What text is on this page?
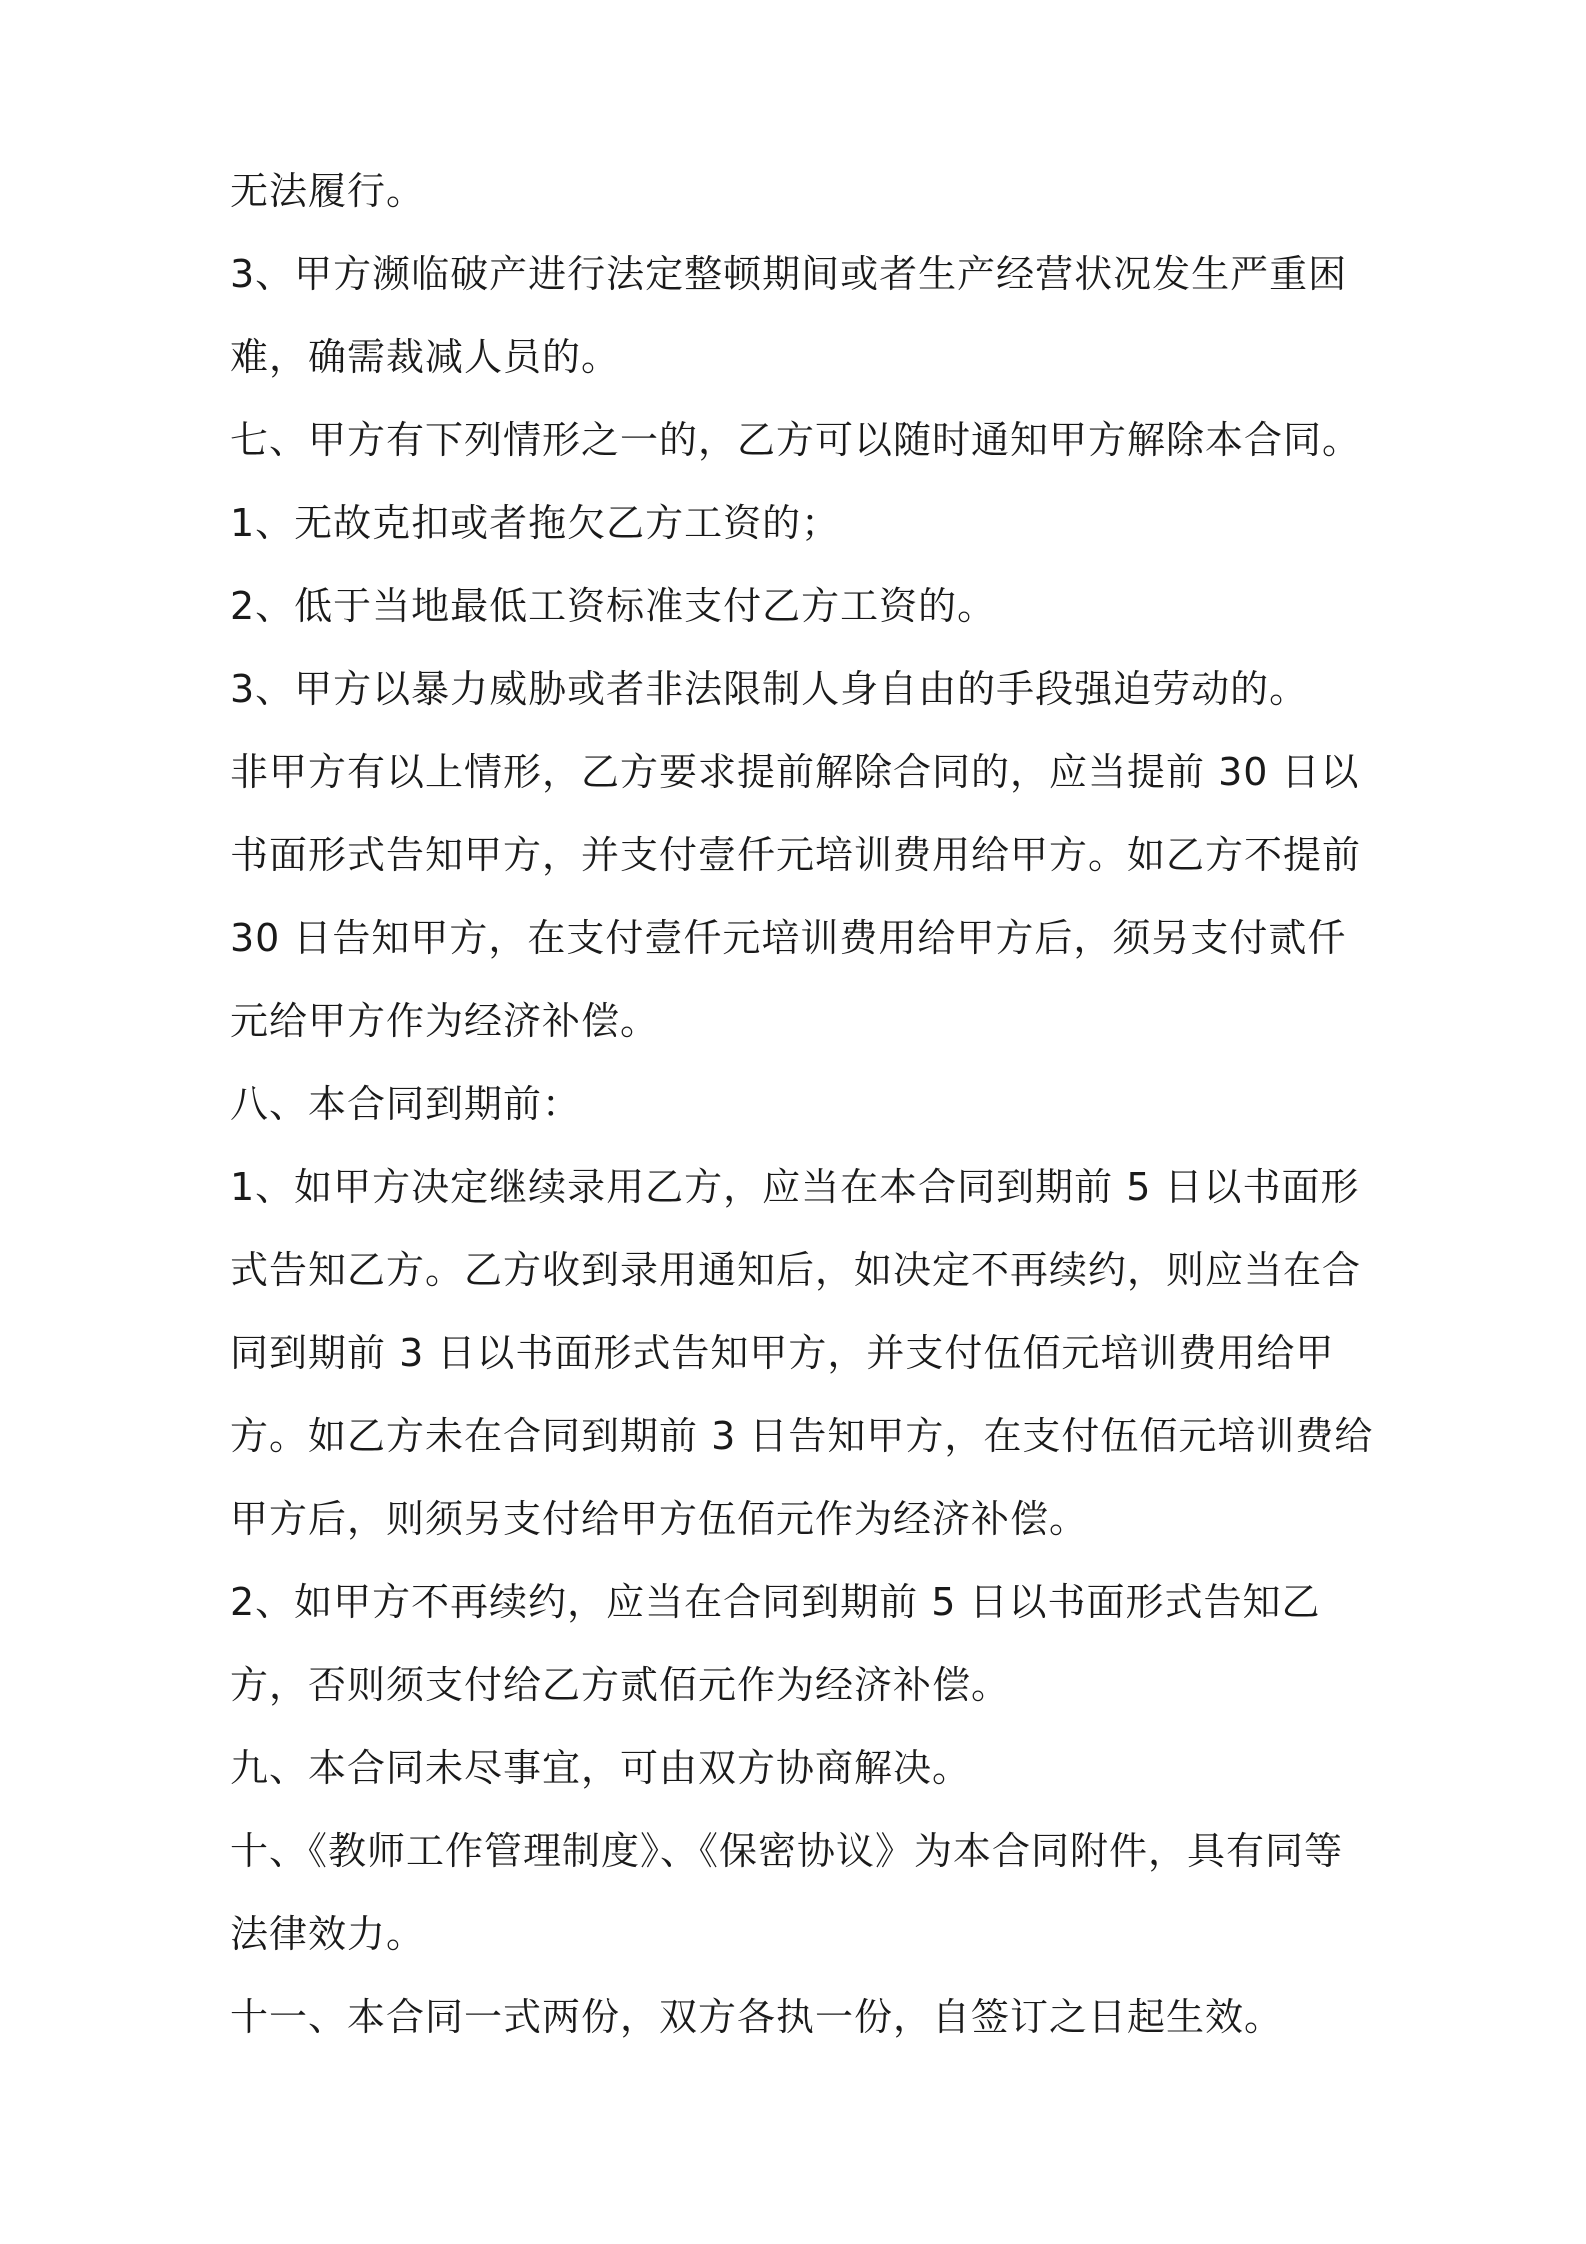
无法履行。

3、甲方濒临破产进行法定整顿期间或者生产经营状况发生严重困难，确需裁减人员的。

七、甲方有下列情形之一的，乙方可以随时通知甲方解除本合同。

1、无故克扣或者拖欠乙方工资的；

2、低于当地最低工资标准支付乙方工资的。

3、甲方以暴力威胁或者非法限制人身自由的手段强迫劳动的。

非甲方有以上情形，乙方要求提前解除合同的，应当提前 30 日以书面形式告知甲方，并支付壹仟元培训费用给甲方。如乙方不提前 30 日告知甲方，在支付壹仟元培训费用给甲方后，须另支付贰仟元给甲方作为经济补偿。

八、本合同到期前：

1、如甲方决定继续录用乙方，应当在本合同到期前 5 日以书面形式告知乙方。乙方收到录用通知后，如决定不再续约，则应当在合同到期前 3 日以书面形式告知甲方，并支付伍佰元培训费用给甲方。如乙方未在合同到期前 3 日告知甲方，在支付伍佰元培训费给甲方后，则须另支付给甲方伍佰元作为经济补偿。

2、如甲方不再续约，应当在合同到期前 5 日以书面形式告知乙方，否则须支付给乙方贰佰元作为经济补偿。

九、本合同未尽事宜，可由双方协商解决。

十、《教师工作管理制度》、《保密协议》为本合同附件，具有同等法律效力。

十一、本合同一式两份，双方各执一份，自签订之日起生效。
